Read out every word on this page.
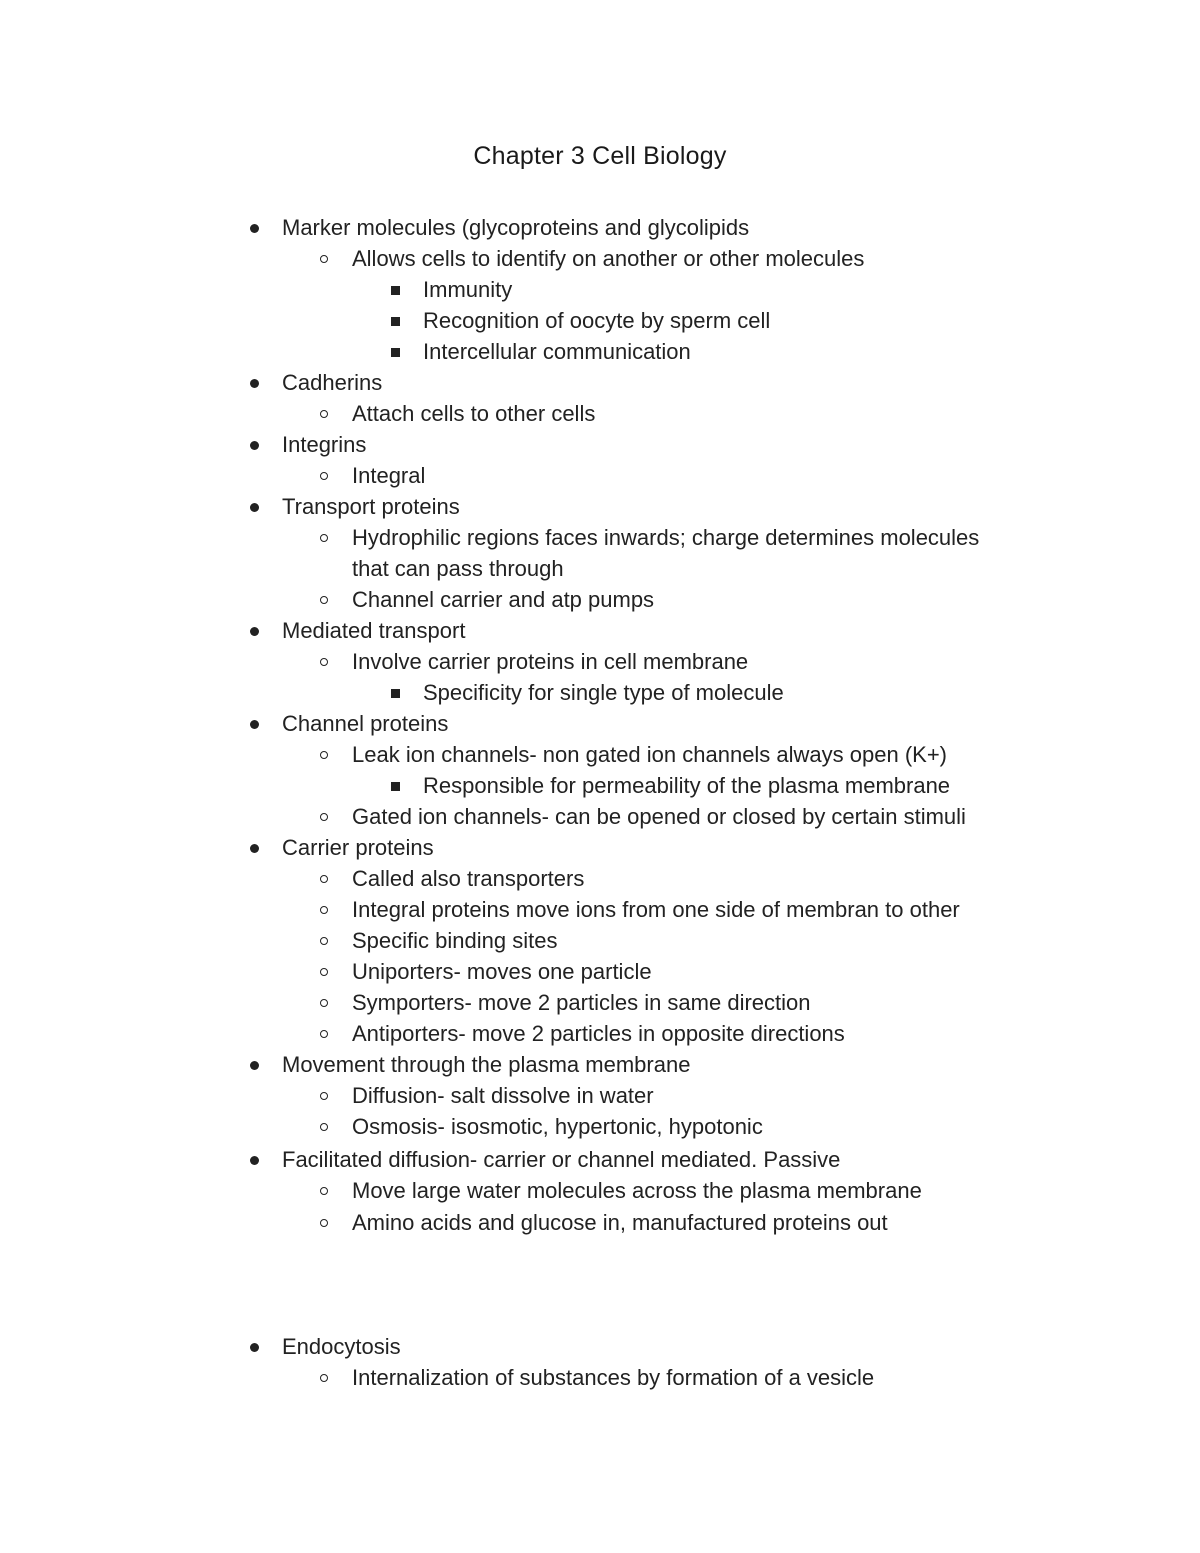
Chapter 3 Cell Biology
Marker molecules (glycoproteins and glycolipids
Allows cells to identify on another or other molecules
Immunity
Recognition of oocyte by sperm cell
Intercellular communication
Cadherins
Attach cells to other cells
Integrins
Integral
Transport proteins
Hydrophilic regions faces inwards; charge determines molecules
that can pass through
Channel carrier and atp pumps
Mediated transport
Involve carrier proteins in cell membrane
Specificity for single type of molecule
Channel proteins
Leak ion channels- non gated ion channels always open (K+)
Responsible for permeability of the plasma membrane
Gated ion channels- can be opened or closed by certain stimuli
Carrier proteins
Called also transporters
Integral proteins move ions from one side of membran to other
Specific binding sites
Uniporters- moves one particle
Symporters- move 2 particles in same direction
Antiporters- move 2 particles in opposite directions
Movement through the plasma membrane
Diffusion- salt dissolve in water
Osmosis- isosmotic, hypertonic, hypotonic
Facilitated diffusion- carrier or channel mediated. Passive
Move large water molecules across the plasma membrane
Amino acids and glucose in, manufactured proteins out
Endocytosis
Internalization of substances by formation of a vesicle
